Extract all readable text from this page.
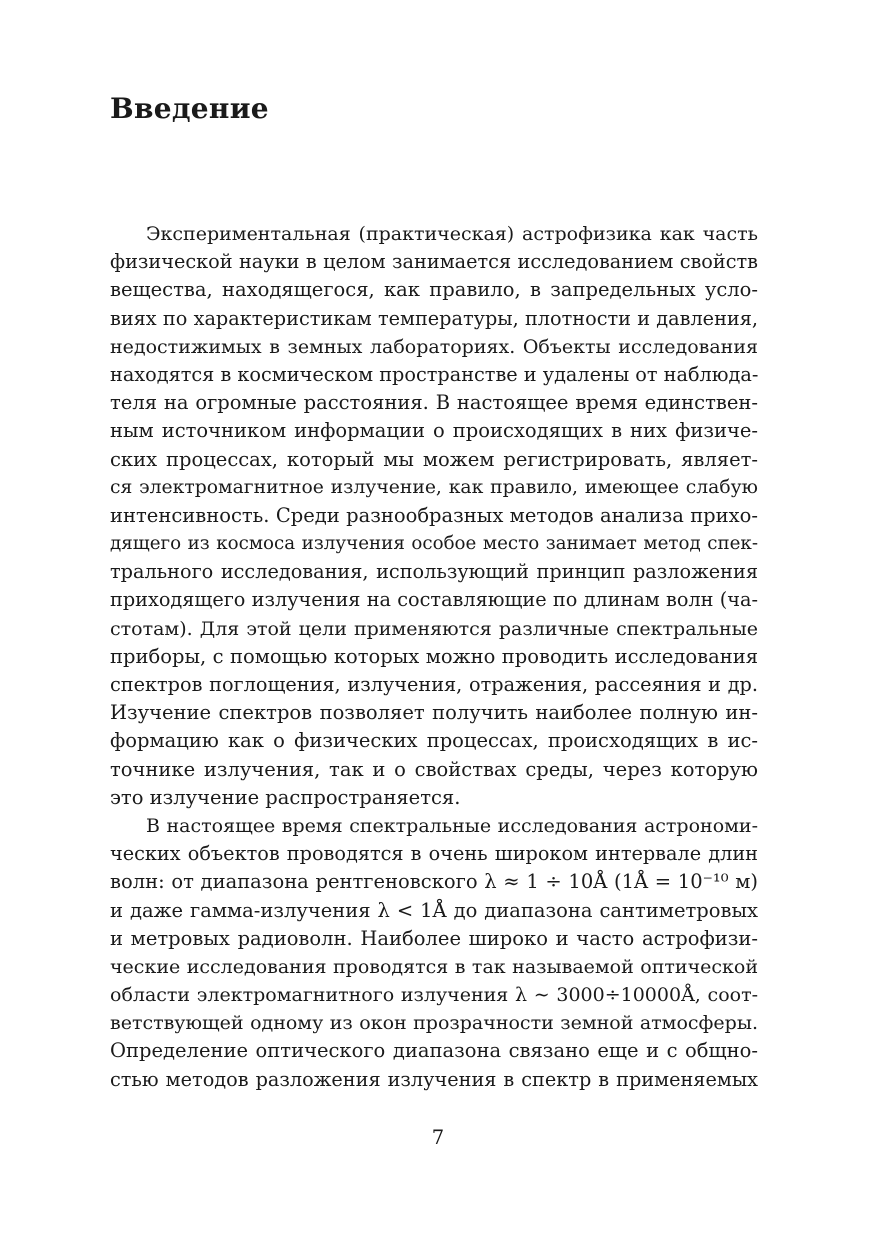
Введение
Экспериментальная (практическая) астрофизика как часть
физической науки в целом занимается исследованием свойств
вещества, находящегося, как правило, в запредельных усло-
виях по характеристикам температуры, плотности и давления,
недостижимых в земных лабораториях. Объекты исследования
находятся в космическом пространстве и удалены от наблюда-
теля на огромные расстояния. В настоящее время единствен-
ным источником информации о происходящих в них физиче-
ских процессах, который мы можем регистрировать, являет-
ся электромагнитное излучение, как правило, имеющее слабую
интенсивность. Среди разнообразных методов анализа прихо-
дящего из космоса излучения особое место занимает метод спек-
трального исследования, использующий принцип разложения
приходящего излучения на составляющие по длинам волн (ча-
стотам). Для этой цели применяются различные спектральные
приборы, с помощью которых можно проводить исследования
спектров поглощения, излучения, отражения, рассеяния и др.
Изучение спектров позволяет получить наиболее полную ин-
формацию как о физических процессах, происходящих в ис-
точнике излучения, так и о свойствах среды, через которую
это излучение распространяется.
В настоящее время спектральные исследования астрономи-
ческих объектов проводятся в очень широком интервале длин
волн: от диапазона рентгеновского λ ≈ 1 ÷ 10Å (1Å = 10⁻¹⁰ м)
и даже гамма-излучения λ < 1Å до диапазона сантиметровых
и метровых радиоволн. Наиболее широко и часто астрофизи-
ческие исследования проводятся в так называемой оптической
области электромагнитного излучения λ ∼ 3000÷10000Å, соот-
ветствующей одному из окон прозрачности земной атмосферы.
Определение оптического диапазона связано еще и с общно-
стью методов разложения излучения в спектр в применяемых
7
